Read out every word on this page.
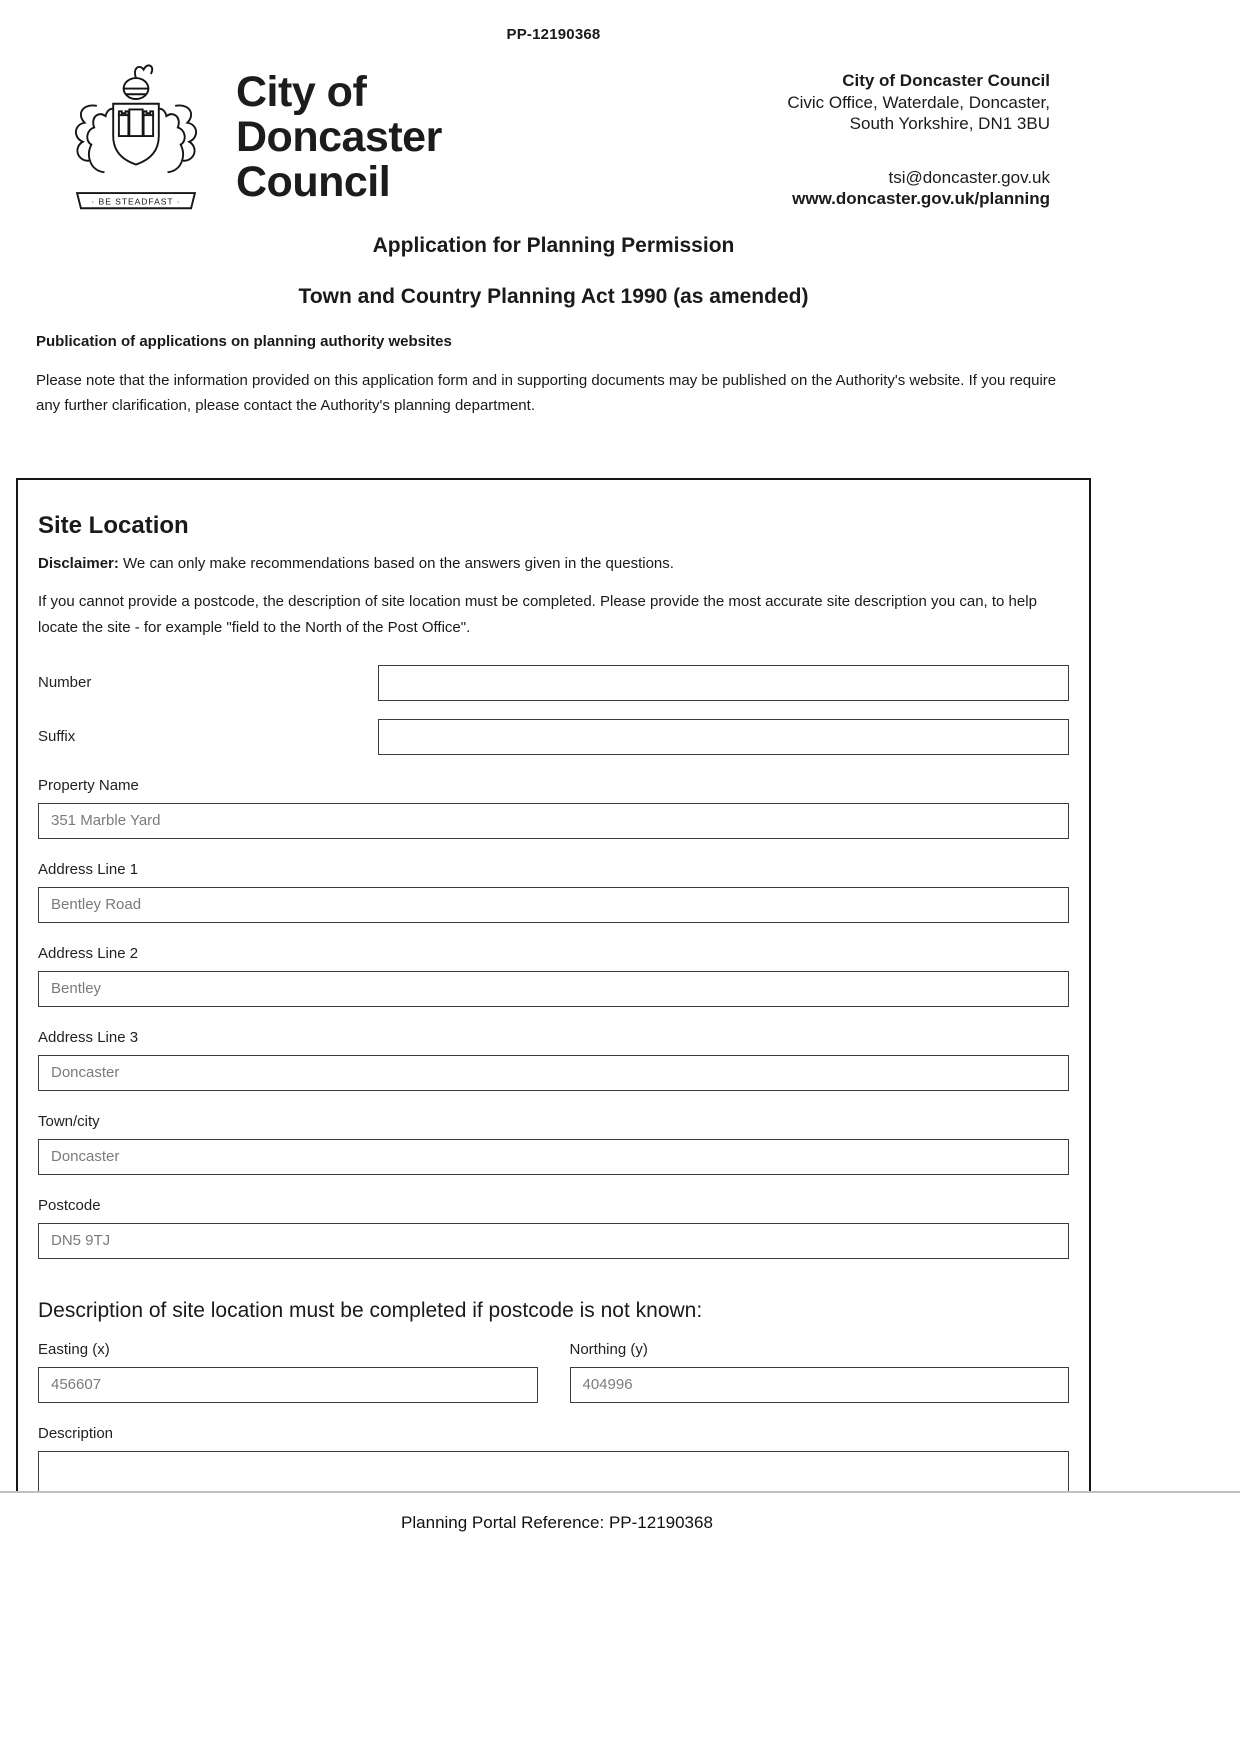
PP-12190368
· BE STEADFAST ·
City of
Doncaster
Council
City of Doncaster Council
Civic Office, Waterdale, Doncaster,
South Yorkshire, DN1 3BU
tsi@doncaster.gov.uk
www.doncaster.gov.uk/planning
Application for Planning Permission
Town and Country Planning Act 1990 (as amended)
Publication of applications on planning authority websites

Please note that the information provided on this application form and in supporting documents may be published on the Authority's website. If you require any further clarification, please contact the Authority's planning department.

Site Location

Disclaimer: We can only make recommendations based on the answers given in the questions.

If you cannot provide a postcode, the description of site location must be completed. Please provide the most accurate site description you can, to help locate the site - for example "field to the North of the Post Office".

Number
Suffix
Property Name
351 Marble Yard
Address Line 1
Bentley Road
Address Line 2
Bentley
Address Line 3
Doncaster
Town/city
Doncaster
Postcode
DN5 9TJ
Description of site location must be completed if postcode is not known:
Easting (x)
456607	Northing (y)
404996
Description
Planning Portal Reference: PP-12190368
